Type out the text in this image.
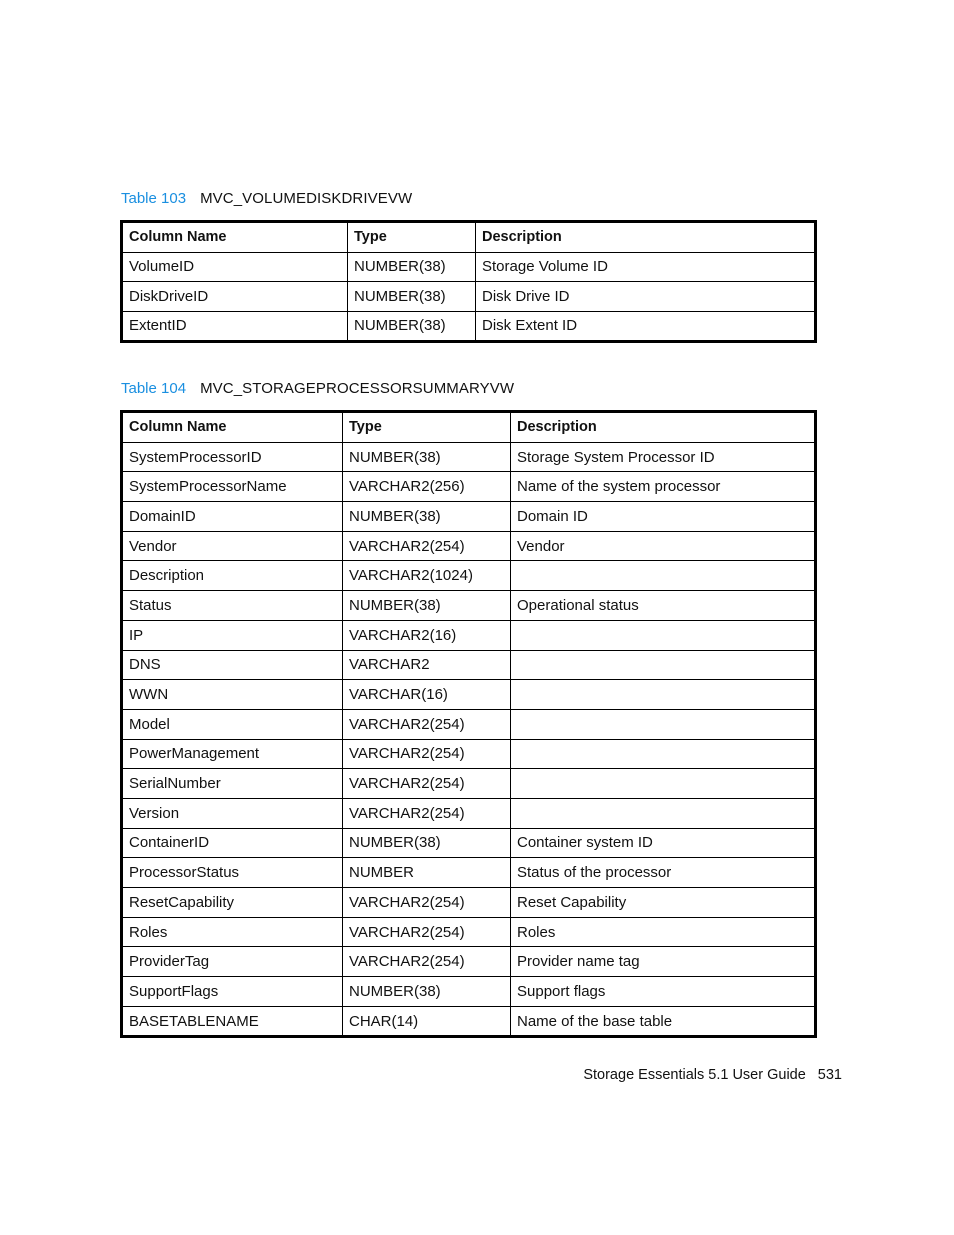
Table 103 MVC_VOLUMEDISKDRIVEVW
Column Name	Type	Description
VolumeID	NUMBER(38)	Storage Volume ID
DiskDriveID	NUMBER(38)	Disk Drive ID
ExtentID	NUMBER(38)	Disk Extent ID
Table 104 MVC_STORAGEPROCESSORSUMMARYVW
Column Name	Type	Description
SystemProcessorID	NUMBER(38)	Storage System Processor ID
SystemProcessorName	VARCHAR2(256)	Name of the system processor
DomainID	NUMBER(38)	Domain ID
Vendor	VARCHAR2(254)	Vendor
Description	VARCHAR2(1024)	
Status	NUMBER(38)	Operational status
IP	VARCHAR2(16)	
DNS	VARCHAR2	
WWN	VARCHAR(16)	
Model	VARCHAR2(254)	
PowerManagement	VARCHAR2(254)	
SerialNumber	VARCHAR2(254)	
Version	VARCHAR2(254)	
ContainerID	NUMBER(38)	Container system ID
ProcessorStatus	NUMBER	Status of the processor
ResetCapability	VARCHAR2(254)	Reset Capability
Roles	VARCHAR2(254)	Roles
ProviderTag	VARCHAR2(254)	Provider name tag
SupportFlags	NUMBER(38)	Support flags
BASETABLENAME	CHAR(14)	Name of the base table
Storage Essentials 5.1 User Guide 531
